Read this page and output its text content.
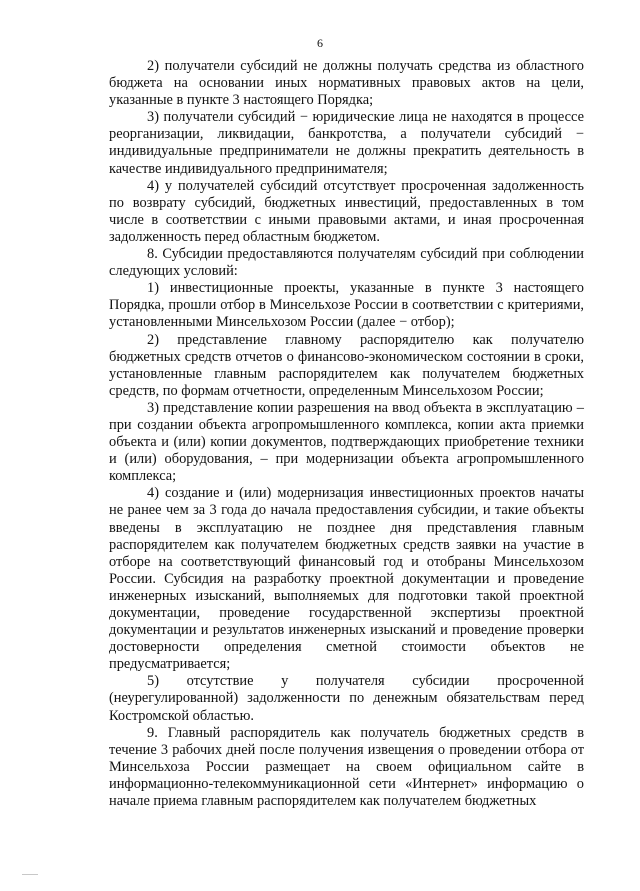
6

2) получатели субсидий не должны получать средства из областного бюджета на основании иных нормативных правовых актов на цели, указанные в пункте 3 настоящего Порядка;

3) получатели субсидий − юридические лица не находятся в процессе реорганизации, ликвидации, банкротства, а получатели субсидий − индивидуальные предприниматели не должны прекратить деятельность в качестве индивидуального предпринимателя;

4) у получателей субсидий отсутствует просроченная задолженность по возврату субсидий, бюджетных инвестиций, предоставленных в том числе в соответствии с иными правовыми актами, и иная просроченная задолженность перед областным бюджетом.

8. Субсидии предоставляются получателям субсидий при соблюдении следующих условий:

1) инвестиционные проекты, указанные в пункте 3 настоящего Порядка, прошли отбор в Минсельхозе России в соответствии с критериями, установленными Минсельхозом России (далее − отбор);

2) представление главному распорядителю как получателю бюджетных средств отчетов о финансово-экономическом состоянии в сроки, установленные главным распорядителем как получателем бюджетных средств, по формам отчетности, определенным Минсельхозом России;

3) представление копии разрешения на ввод объекта в эксплуатацию – при создании объекта агропромышленного комплекса, копии акта приемки объекта и (или) копии документов, подтверждающих приобретение техники и (или) оборудования, – при модернизации объекта агропромышленного комплекса;

4) создание и (или) модернизация инвестиционных проектов начаты не ранее чем за 3 года до начала предоставления субсидии, и такие объекты введены в эксплуатацию не позднее дня представления главным распорядителем как получателем бюджетных средств заявки на участие в отборе на соответствующий финансовый год и отобраны Минсельхозом России. Субсидия на разработку проектной документации и проведение инженерных изысканий, выполняемых для подготовки такой проектной документации, проведение государственной экспертизы проектной документации и результатов инженерных изысканий и проведение проверки достоверности определения сметной стоимости объектов не предусматривается;

5) отсутствие у получателя субсидии просроченной (неурегулированной) задолженности по денежным обязательствам перед Костромской областью.

9. Главный распорядитель как получатель бюджетных средств в течение 3 рабочих дней после получения извещения о проведении отбора от Минсельхоза России размещает на своем официальном сайте в информационно-телекоммуникационной сети «Интернет» информацию о начале приема главным распорядителем как получателем бюджетных
